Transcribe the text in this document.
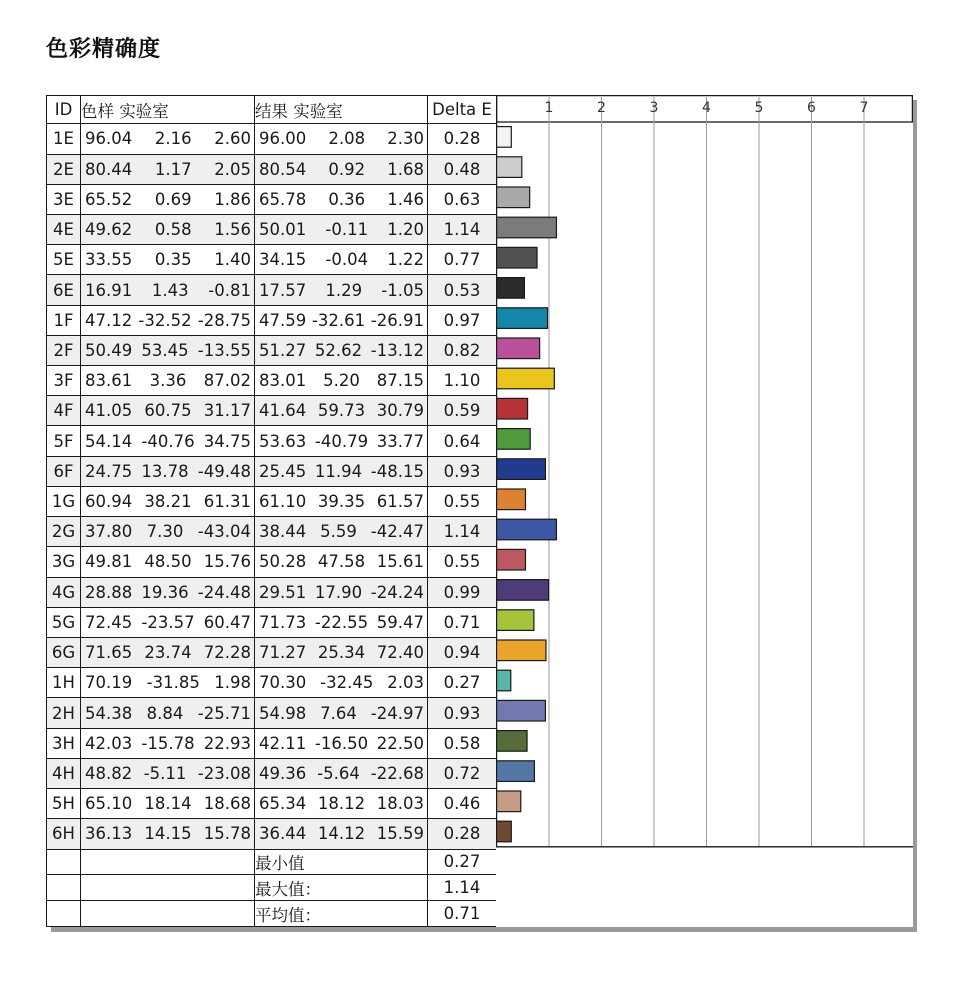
色彩精确度
ID	色样 实验室	结果 实验室	Delta E
1E	96.04 2.16 2.60	96.00 2.08 2.30	0.28
2E	80.44 1.17 2.05	80.54 0.92 1.68	0.48
3E	65.52 0.69 1.86	65.78 0.36 1.46	0.63
4E	49.62 0.58 1.56	50.01 -0.11 1.20	1.14
5E	33.55 0.35 1.40	34.15 -0.04 1.22	0.77
6E	16.91 1.43 -0.81	17.57 1.29 -1.05	0.53
1F	47.12 -32.52 -28.75	47.59 -32.61 -26.91	0.97
2F	50.49 53.45 -13.55	51.27 52.62 -13.12	0.82
3F	83.61 3.36 87.02	83.01 5.20 87.15	1.10
4F	41.05 60.75 31.17	41.64 59.73 30.79	0.59
5F	54.14 -40.76 34.75	53.63 -40.79 33.77	0.64
6F	24.75 13.78 -49.48	25.45 11.94 -48.15	0.93
1G	60.94 38.21 61.31	61.10 39.35 61.57	0.55
2G	37.80 7.30 -43.04	38.44 5.59 -42.47	1.14
3G	49.81 48.50 15.76	50.28 47.58 15.61	0.55
4G	28.88 19.36 -24.48	29.51 17.90 -24.24	0.99
5G	72.45 -23.57 60.47	71.73 -22.55 59.47	0.71
6G	71.65 23.74 72.28	71.27 25.34 72.40	0.94
1H	70.19 -31.85 1.98	70.30 -32.45 2.03	0.27
2H	54.38 8.84 -25.71	54.98 7.64 -24.97	0.93
3H	42.03 -15.78 22.93	42.11 -16.50 22.50	0.58
4H	48.82 -5.11 -23.08	49.36 -5.64 -22.68	0.72
5H	65.10 18.14 18.68	65.34 18.12 18.03	0.46
6H	36.13 14.15 15.78	36.44 14.12 15.59	0.28
		最小值	0.27
		最大值：	1.14
		平均值：	0.71
1	2	3	4	5	6	7
